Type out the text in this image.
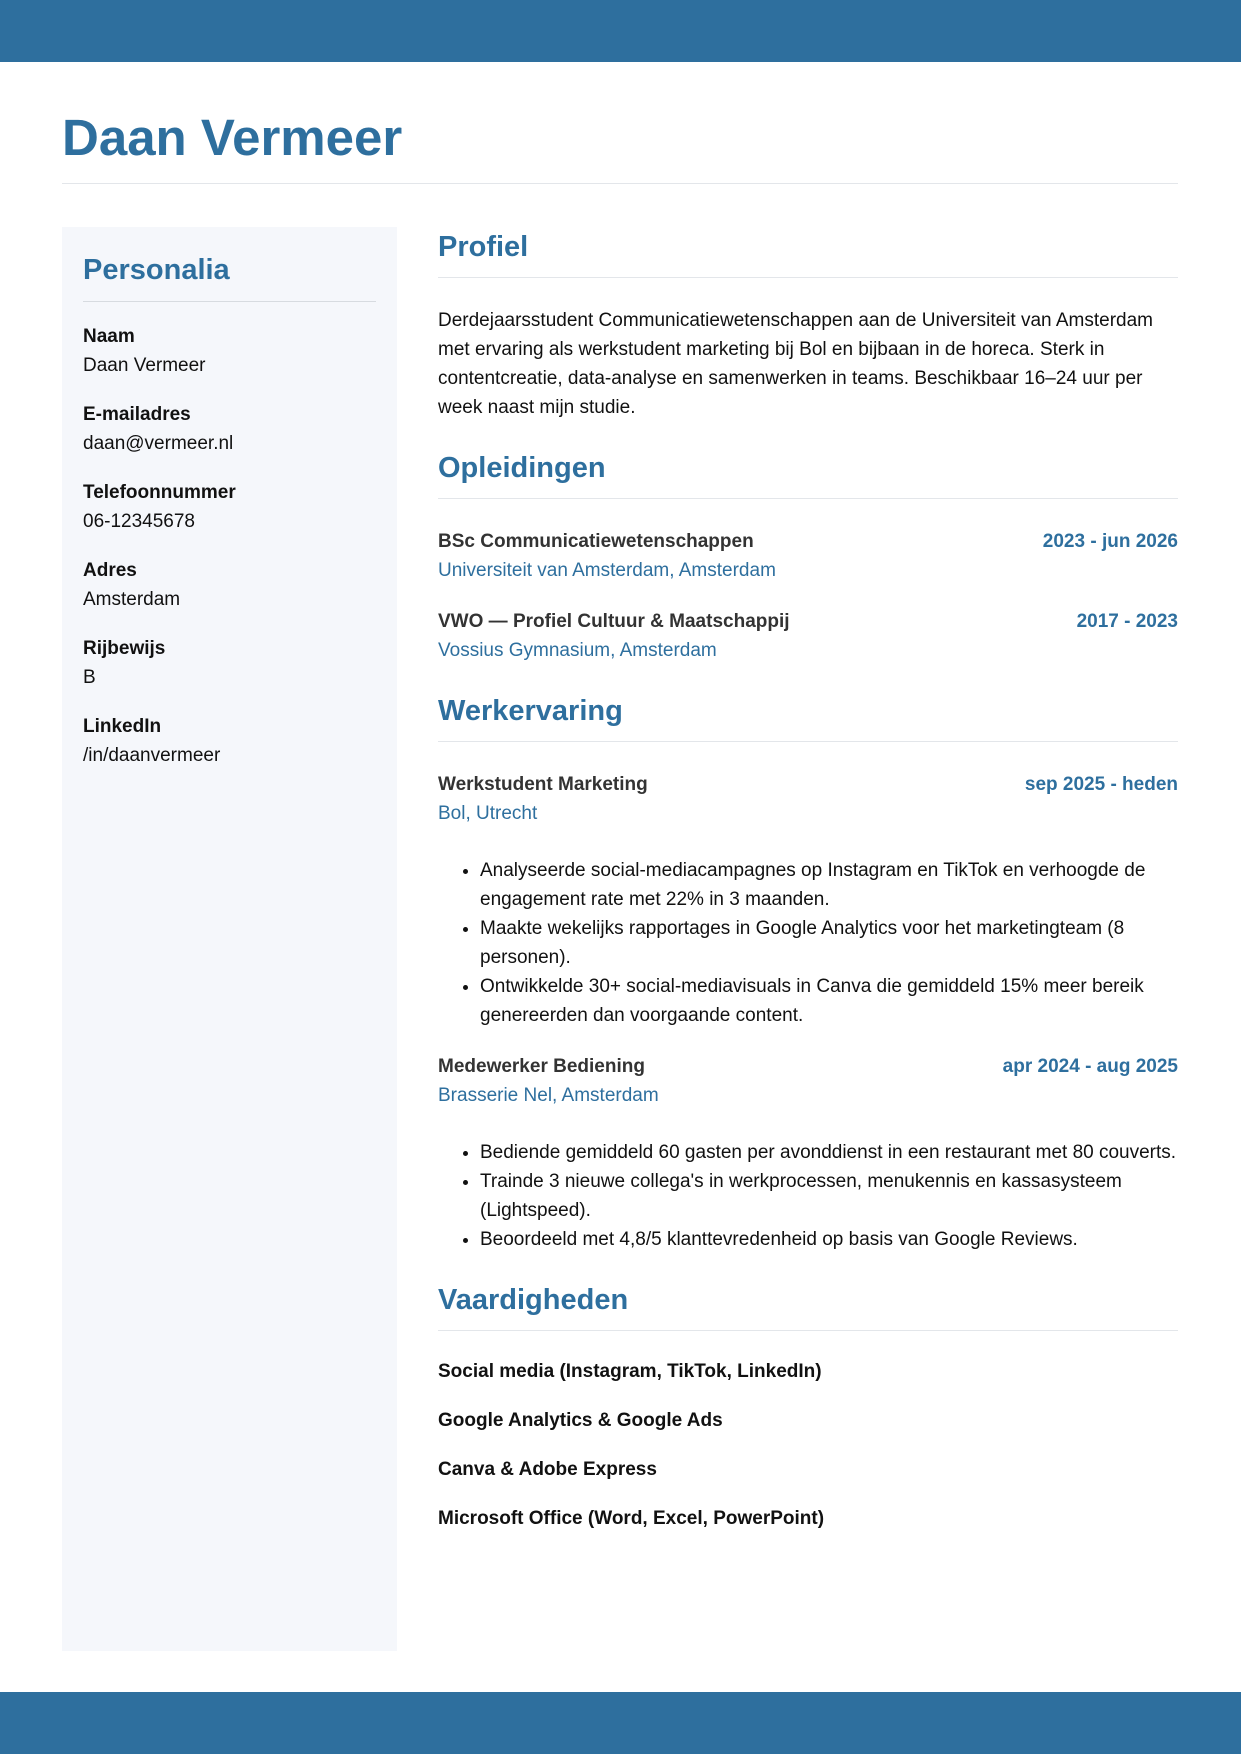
Daan Vermeer
Personalia
Naam
Daan Vermeer
E-mailadres
daan@vermeer.nl
Telefoonnummer
06-12345678
Adres
Amsterdam
Rijbewijs
B
LinkedIn
/in/daanvermeer
Profiel

Derdejaarsstudent Communicatiewetenschappen aan de Universiteit van Amsterdam met ervaring als werkstudent marketing bij Bol en bijbaan in de horeca. Sterk in contentcreatie, data-analyse en samenwerken in teams. Beschikbaar 16–24 uur per week naast mijn studie.

Opleidingen
BSc Communicatiewetenschappen	2023 - jun 2026
Universiteit van Amsterdam, Amsterdam
VWO — Profiel Cultuur & Maatschappij	2017 - 2023
Vossius Gymnasium, Amsterdam
Werkervaring
Werkstudent Marketing	sep 2025 - heden
Bol, Utrecht
• Analyseerde social-mediacampagnes op Instagram en TikTok en verhoogde de engagement rate met 22% in 3 maanden.
• Maakte wekelijks rapportages in Google Analytics voor het marketingteam (8 personen).
• Ontwikkelde 30+ social-mediavisuals in Canva die gemiddeld 15% meer bereik genereerden dan voorgaande content.
Medewerker Bediening	apr 2024 - aug 2025
Brasserie Nel, Amsterdam
• Bediende gemiddeld 60 gasten per avonddienst in een restaurant met 80 couverts.
• Trainde 3 nieuwe collega's in werkprocessen, menukennis en kassasysteem (Lightspeed).
• Beoordeeld met 4,8/5 klanttevredenheid op basis van Google Reviews.
Vaardigheden
Social media (Instagram, TikTok, LinkedIn)
Google Analytics & Google Ads
Canva & Adobe Express
Microsoft Office (Word, Excel, PowerPoint)
